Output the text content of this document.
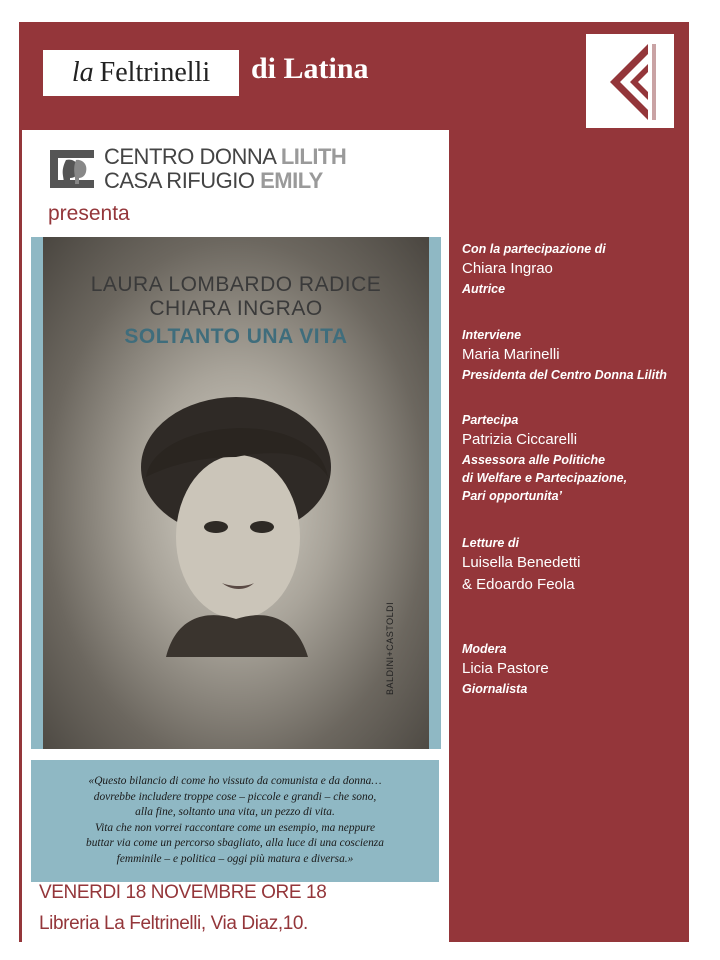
la Feltrinelli di Latina
CENTRO DONNA LILITH
CASA RIFUGIO EMILY
presenta
LAURA LOMBARDO RADICE
CHIARA INGRAO
SOLTANTO UNA VITA
BALDINI+CASTOLDI
«Questo bilancio di come ho vissuto da comunista e da donna…
dovrebbe includere troppe cose – piccole e grandi – che sono,
alla fine, soltanto una vita, un pezzo di vita.
Vita che non vorrei raccontare come un esempio, ma neppure
buttar via come un percorso sbagliato, alla luce di una coscienza
femminile – e politica – oggi più matura e diversa.»
VENERDI 18 NOVEMBRE ORE 18
Libreria La Feltrinelli, Via Diaz,10.
Con la partecipazione di
Chiara Ingrao
Autrice
Interviene
Maria Marinelli
Presidenta del Centro Donna Lilith
Partecipa
Patrizia Ciccarelli
Assessora alle Politiche
di Welfare e Partecipazione,
Pari opportunita’
Letture di
Luisella Benedetti
& Edoardo Feola
Modera
Licia Pastore
Giornalista
